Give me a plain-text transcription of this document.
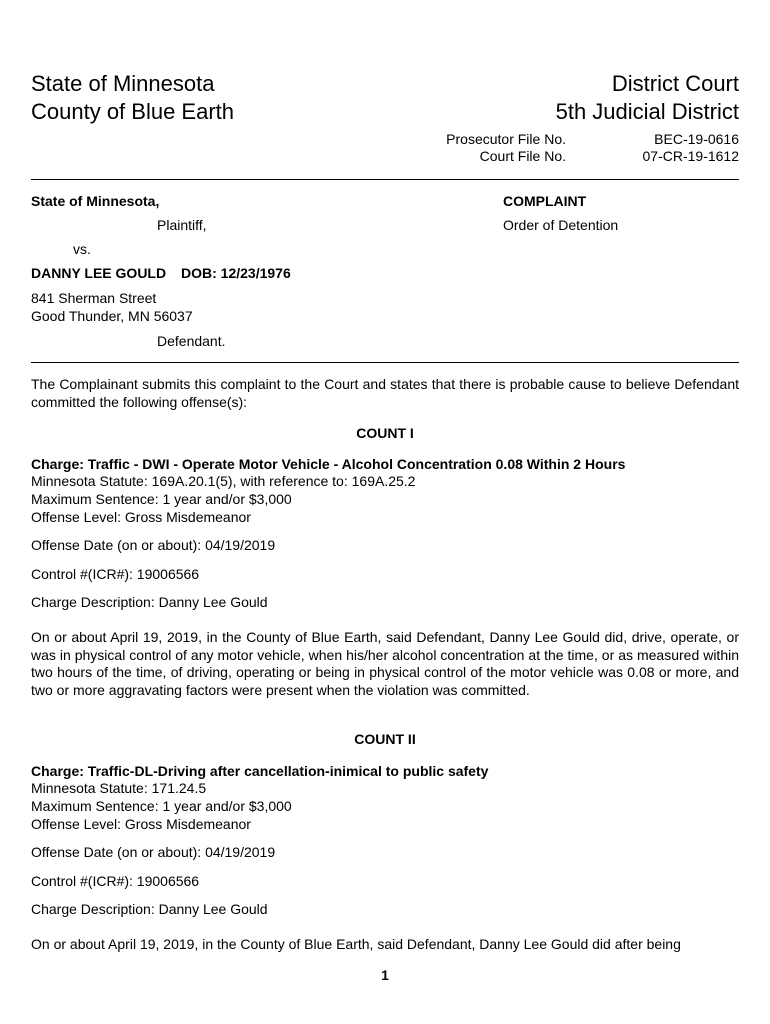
State of Minnesota
County of Blue Earth
District Court
5th Judicial District
Prosecutor File No.
Court File No.
BEC-19-0616
07-CR-19-1612
State of Minnesota,
Plaintiff,
vs.
DANNY LEE GOULD DOB: 12/23/1976
841 Sherman Street
Good Thunder, MN 56037
Defendant.
COMPLAINT
Order of Detention
The Complainant submits this complaint to the Court and states that there is probable cause to believe Defendant committed the following offense(s):
COUNT I
Charge: Traffic - DWI - Operate Motor Vehicle - Alcohol Concentration 0.08 Within 2 Hours
Minnesota Statute: 169A.20.1(5), with reference to: 169A.25.2
Maximum Sentence: 1 year and/or $3,000
Offense Level: Gross Misdemeanor
Offense Date (on or about): 04/19/2019
Control #(ICR#): 19006566
Charge Description: Danny Lee Gould
On or about April 19, 2019, in the County of Blue Earth, said Defendant, Danny Lee Gould did, drive, operate, or was in physical control of any motor vehicle, when his/her alcohol concentration at the time, or as measured within two hours of the time, of driving, operating or being in physical control of the motor vehicle was 0.08 or more, and two or more aggravating factors were present when the violation was committed.
COUNT II
Charge: Traffic-DL-Driving after cancellation-inimical to public safety
Minnesota Statute: 171.24.5
Maximum Sentence: 1 year and/or $3,000
Offense Level: Gross Misdemeanor
Offense Date (on or about): 04/19/2019
Control #(ICR#): 19006566
Charge Description: Danny Lee Gould
On or about April 19, 2019, in the County of Blue Earth, said Defendant, Danny Lee Gould did after being
1
